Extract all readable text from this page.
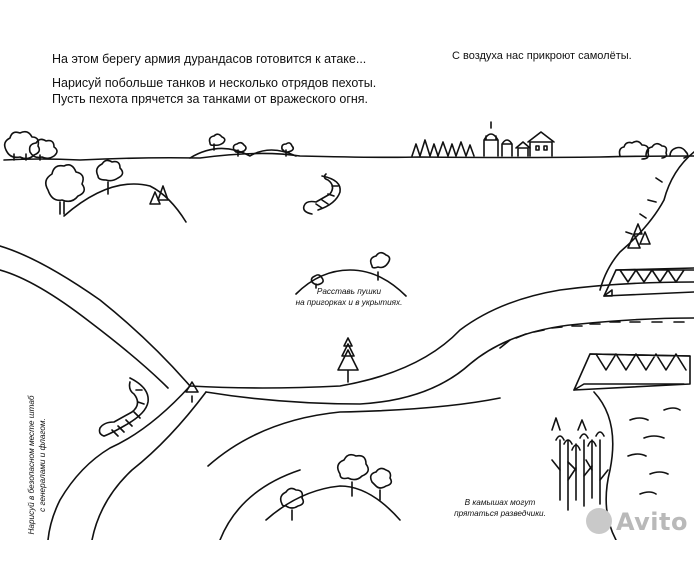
На этом берегу армия дурандасов готовится к атаке...

Нарисуй побольше танков и несколько отрядов пехоты.

Пусть пехота прячется за танками от вражеского огня.

С воздуха нас прикроют самолёты.

Расставь пушки
на пригорках и в укрытиях.
В камышах могут
прятаться разведчики.
Нарисуй в безопасном месте штаб с генералами и флагом.
Avito
